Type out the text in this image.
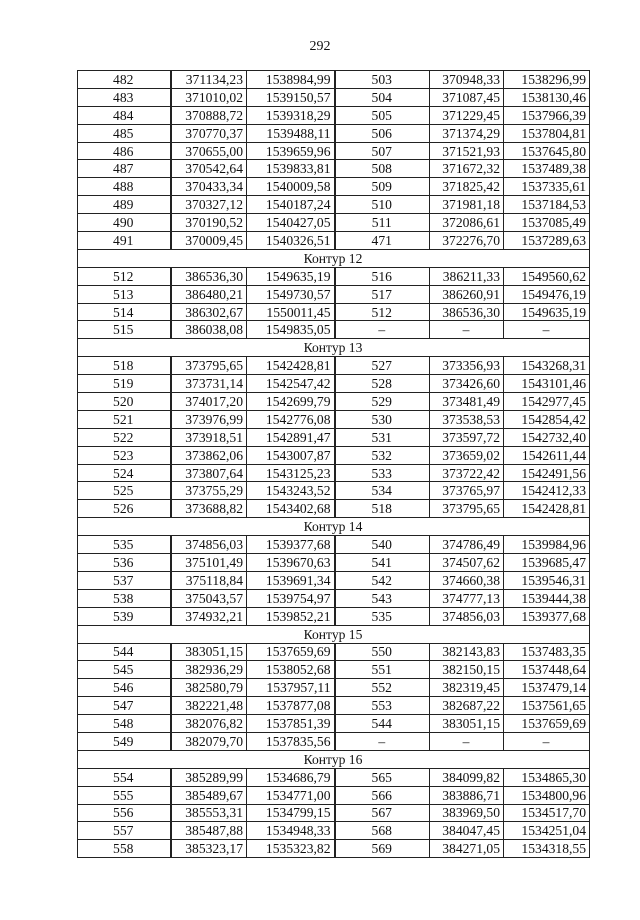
292
482	371134,23	1538984,99	503	370948,33	1538296,99
483	371010,02	1539150,57	504	371087,45	1538130,46
484	370888,72	1539318,29	505	371229,45	1537966,39
485	370770,37	1539488,11	506	371374,29	1537804,81
486	370655,00	1539659,96	507	371521,93	1537645,80
487	370542,64	1539833,81	508	371672,32	1537489,38
488	370433,34	1540009,58	509	371825,42	1537335,61
489	370327,12	1540187,24	510	371981,18	1537184,53
490	370190,52	1540427,05	511	372086,61	1537085,49
491	370009,45	1540326,51	471	372276,70	1537289,63
Контур 12					
512	386536,30	1549635,19	516	386211,33	1549560,62
513	386480,21	1549730,57	517	386260,91	1549476,19
514	386302,67	1550011,45	512	386536,30	1549635,19
515	386038,08	1549835,05	–	–	–
Контур 13					
518	373795,65	1542428,81	527	373356,93	1543268,31
519	373731,14	1542547,42	528	373426,60	1543101,46
520	374017,20	1542699,79	529	373481,49	1542977,45
521	373976,99	1542776,08	530	373538,53	1542854,42
522	373918,51	1542891,47	531	373597,72	1542732,40
523	373862,06	1543007,87	532	373659,02	1542611,44
524	373807,64	1543125,23	533	373722,42	1542491,56
525	373755,29	1543243,52	534	373765,97	1542412,33
526	373688,82	1543402,68	518	373795,65	1542428,81
Контур 14					
535	374856,03	1539377,68	540	374786,49	1539984,96
536	375101,49	1539670,63	541	374507,62	1539685,47
537	375118,84	1539691,34	542	374660,38	1539546,31
538	375043,57	1539754,97	543	374777,13	1539444,38
539	374932,21	1539852,21	535	374856,03	1539377,68
Контур 15					
544	383051,15	1537659,69	550	382143,83	1537483,35
545	382936,29	1538052,68	551	382150,15	1537448,64
546	382580,79	1537957,11	552	382319,45	1537479,14
547	382221,48	1537877,08	553	382687,22	1537561,65
548	382076,82	1537851,39	544	383051,15	1537659,69
549	382079,70	1537835,56	–	–	–
Контур 16					
554	385289,99	1534686,79	565	384099,82	1534865,30
555	385489,67	1534771,00	566	383886,71	1534800,96
556	385553,31	1534799,15	567	383969,50	1534517,70
557	385487,88	1534948,33	568	384047,45	1534251,04
558	385323,17	1535323,82	569	384271,05	1534318,55
